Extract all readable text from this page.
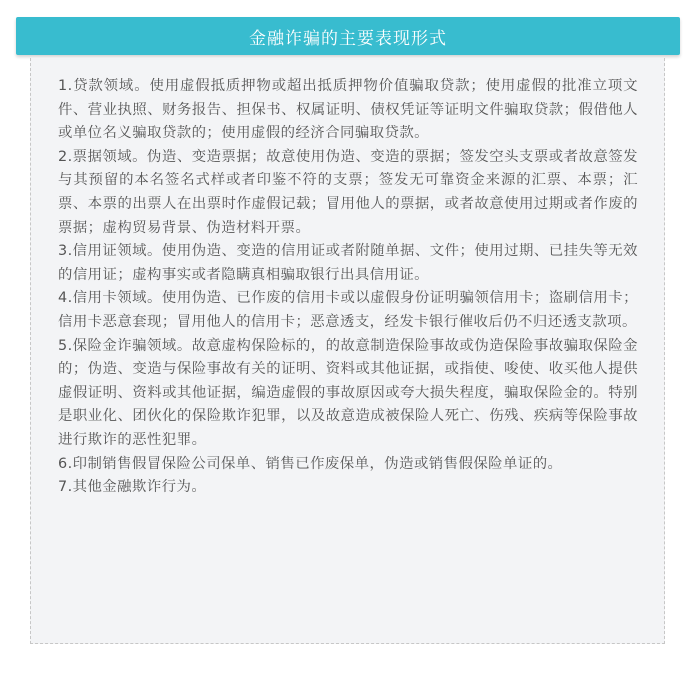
金融诈骗的主要表现形式

1.贷款领域。使用虚假抵质押物或超出抵质押物价值骗取贷款；使用虚假的批准立项文件、营业执照、财务报告、担保书、权属证明、债权凭证等证明文件骗取贷款；假借他人或单位名义骗取贷款的；使用虚假的经济合同骗取贷款。

2.票据领域。伪造、变造票据；故意使用伪造、变造的票据；签发空头支票或者故意签发与其预留的本名签名式样或者印鉴不符的支票；签发无可靠资金来源的汇票、本票；汇票、本票的出票人在出票时作虚假记载；冒用他人的票据，或者故意使用过期或者作废的票据；虚构贸易背景、伪造材料开票。

3.信用证领域。使用伪造、变造的信用证或者附随单据、文件；使用过期、已挂失等无效的信用证；虚构事实或者隐瞒真相骗取银行出具信用证。

4.信用卡领域。使用伪造、已作废的信用卡或以虚假身份证明骗领信用卡；盗刷信用卡；信用卡恶意套现；冒用他人的信用卡；恶意透支，经发卡银行催收后仍不归还透支款项。

5.保险金诈骗领域。故意虚构保险标的，的故意制造保险事故或伪造保险事故骗取保险金的；伪造、变造与保险事故有关的证明、资料或其他证据，或指使、唆使、收买他人提供虚假证明、资料或其他证据，编造虚假的事故原因或夸大损失程度，骗取保险金的。特别是职业化、团伙化的保险欺诈犯罪，以及故意造成被保险人死亡、伤残、疾病等保险事故进行欺诈的恶性犯罪。

6.印制销售假冒保险公司保单、销售已作废保单，伪造或销售假保险单证的。

7.其他金融欺诈行为。
